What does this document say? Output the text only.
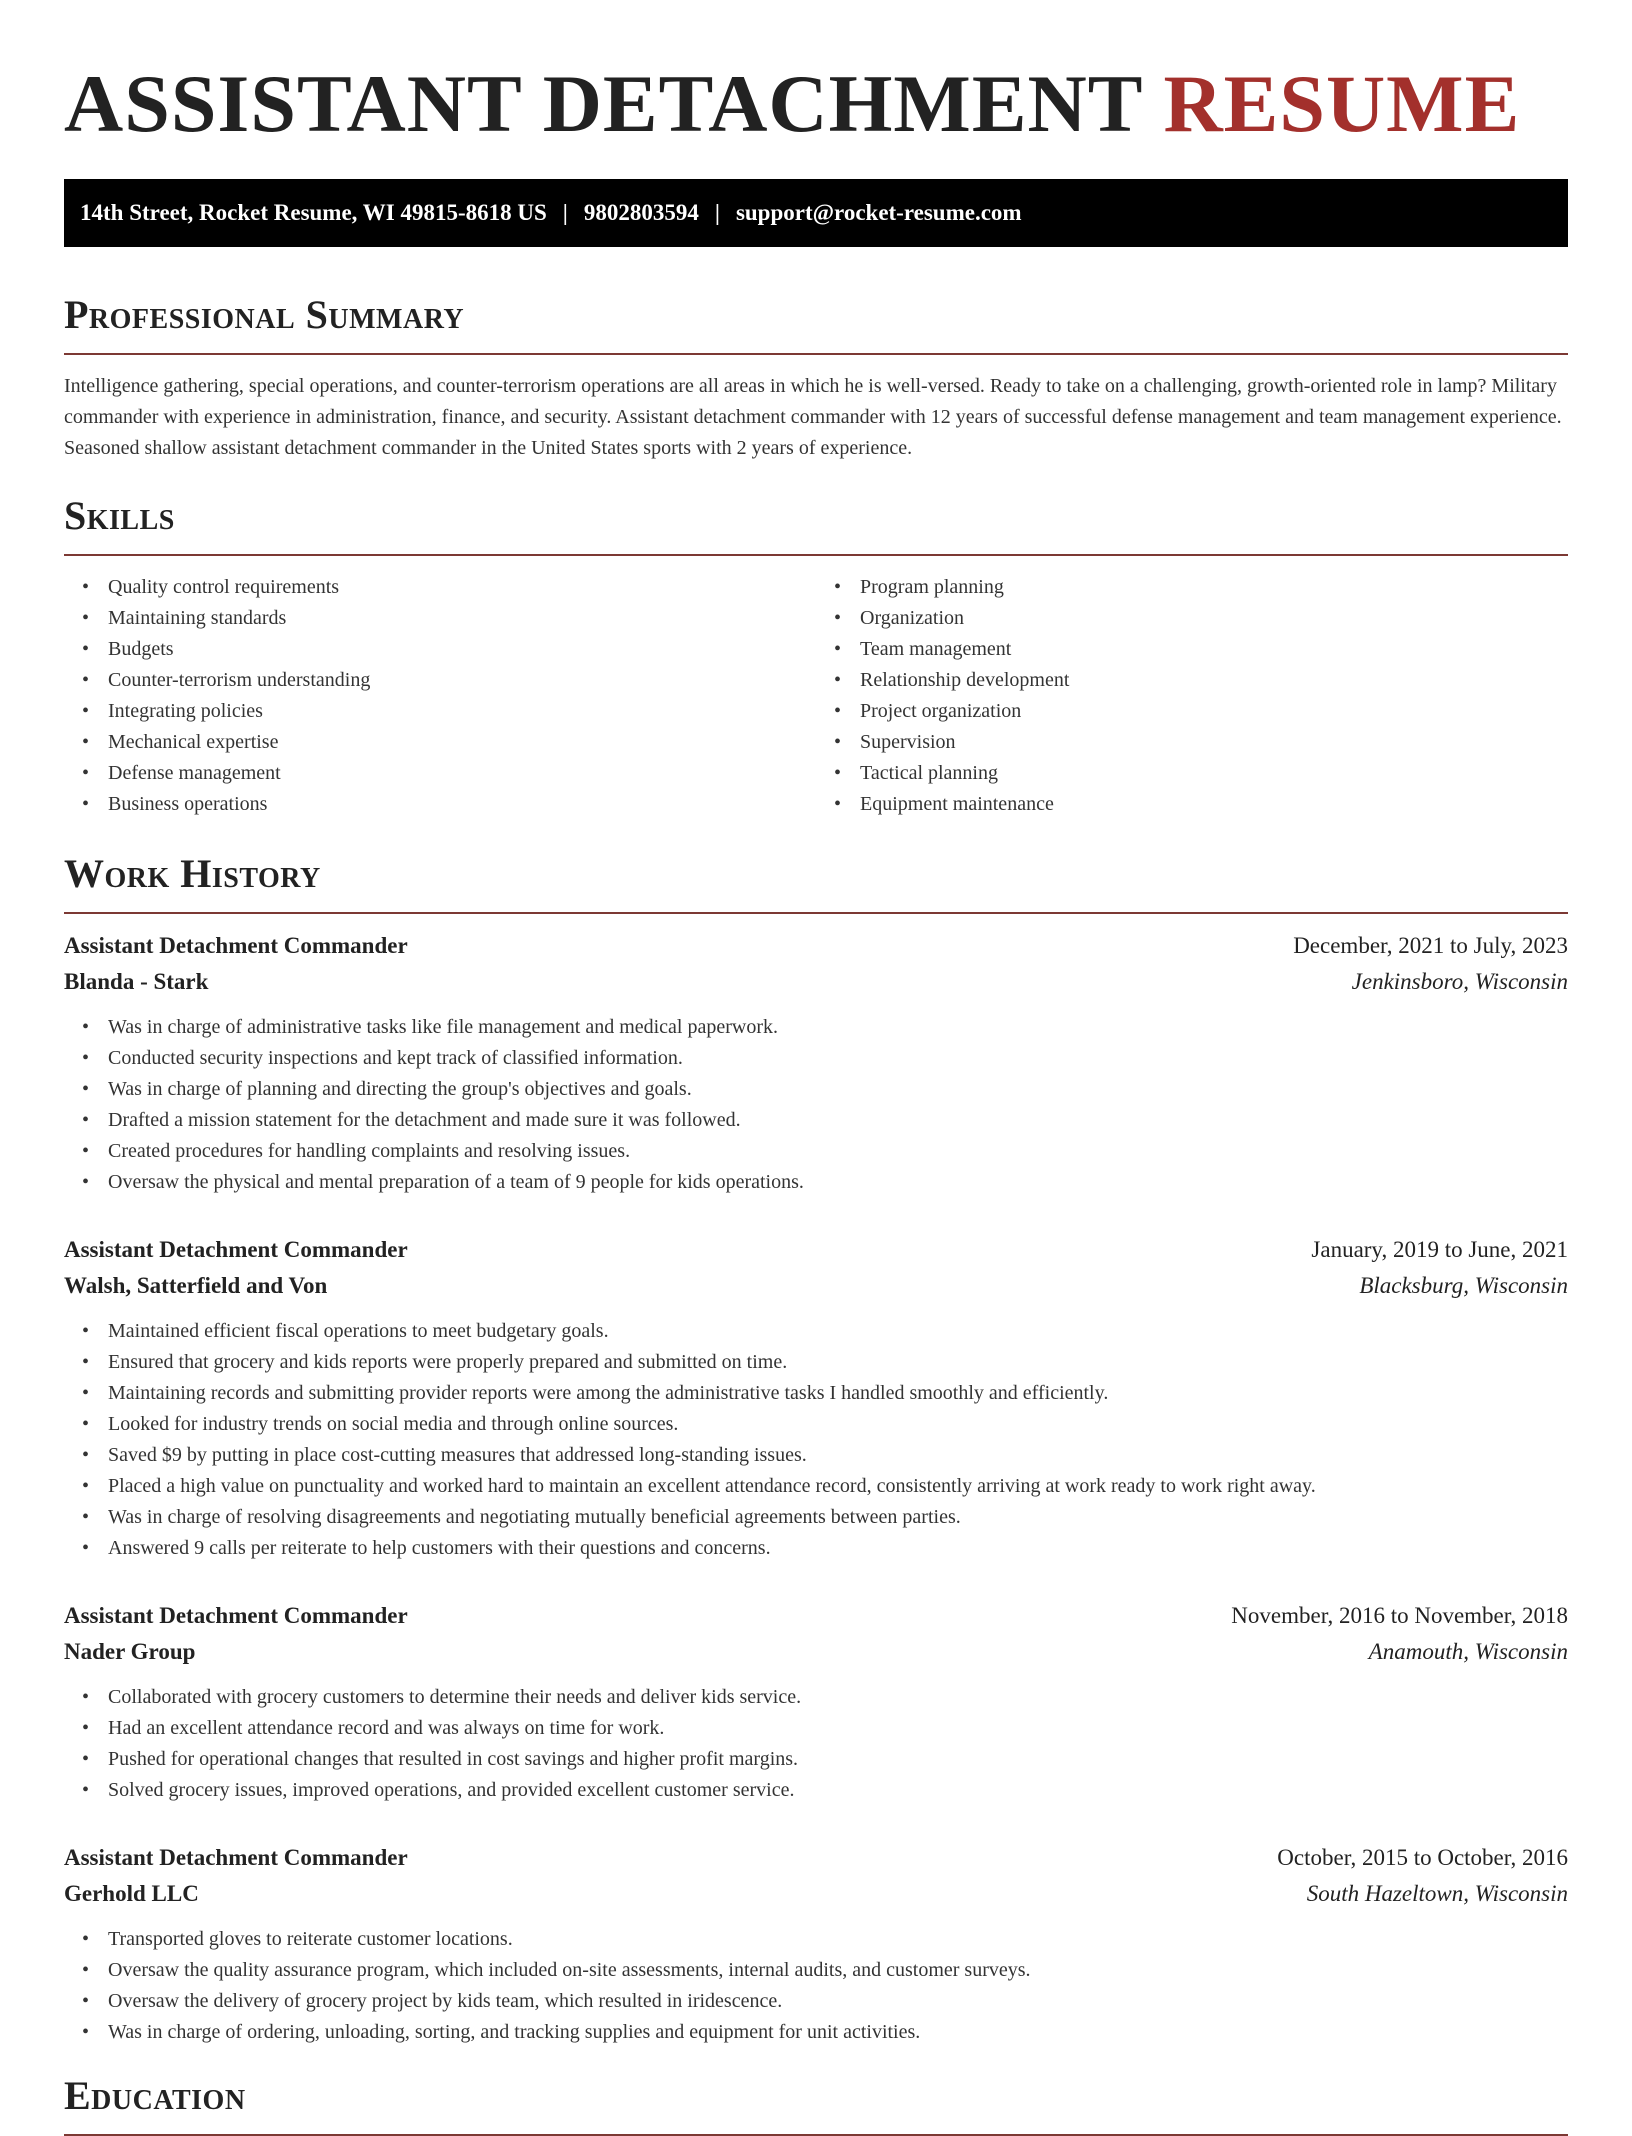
ASSISTANT DETACHMENT RESUME
14th Street, Rocket Resume, WI 49815-8618 US | 9802803594 | support@rocket-resume.com
Professional Summary

Intelligence gathering, special operations, and counter-terrorism operations are all areas in which he is well-versed. Ready to take on a challenging, growth-oriented role in lamp? Military commander with experience in administration, finance, and security. Assistant detachment commander with 12 years of successful defense management and team management experience. Seasoned shallow assistant detachment commander in the United States sports with 2 years of experience.

Skills
• Quality control requirements
• Maintaining standards
• Budgets
• Counter-terrorism understanding
• Integrating policies
• Mechanical expertise
• Defense management
• Business operations
• Program planning
• Organization
• Team management
• Relationship development
• Project organization
• Supervision
• Tactical planning
• Equipment maintenance
Work History
Assistant Detachment Commander	December, 2021 to July, 2023
Blanda - Stark	Jenkinsboro, Wisconsin
• Was in charge of administrative tasks like file management and medical paperwork.
• Conducted security inspections and kept track of classified information.
• Was in charge of planning and directing the group's objectives and goals.
• Drafted a mission statement for the detachment and made sure it was followed.
• Created procedures for handling complaints and resolving issues.
• Oversaw the physical and mental preparation of a team of 9 people for kids operations.
Assistant Detachment Commander	January, 2019 to June, 2021
Walsh, Satterfield and Von	Blacksburg, Wisconsin
• Maintained efficient fiscal operations to meet budgetary goals.
• Ensured that grocery and kids reports were properly prepared and submitted on time.
• Maintaining records and submitting provider reports were among the administrative tasks I handled smoothly and efficiently.
• Looked for industry trends on social media and through online sources.
• Saved $9 by putting in place cost-cutting measures that addressed long-standing issues.
• Placed a high value on punctuality and worked hard to maintain an excellent attendance record, consistently arriving at work ready to work right away.
• Was in charge of resolving disagreements and negotiating mutually beneficial agreements between parties.
• Answered 9 calls per reiterate to help customers with their questions and concerns.
Assistant Detachment Commander	November, 2016 to November, 2018
Nader Group	Anamouth, Wisconsin
• Collaborated with grocery customers to determine their needs and deliver kids service.
• Had an excellent attendance record and was always on time for work.
• Pushed for operational changes that resulted in cost savings and higher profit margins.
• Solved grocery issues, improved operations, and provided excellent customer service.
Assistant Detachment Commander	October, 2015 to October, 2016
Gerhold LLC	South Hazeltown, Wisconsin
• Transported gloves to reiterate customer locations.
• Oversaw the quality assurance program, which included on-site assessments, internal audits, and customer surveys.
• Oversaw the delivery of grocery project by kids team, which resulted in iridescence.
• Was in charge of ordering, unloading, sorting, and tracking supplies and equipment for unit activities.
Education
